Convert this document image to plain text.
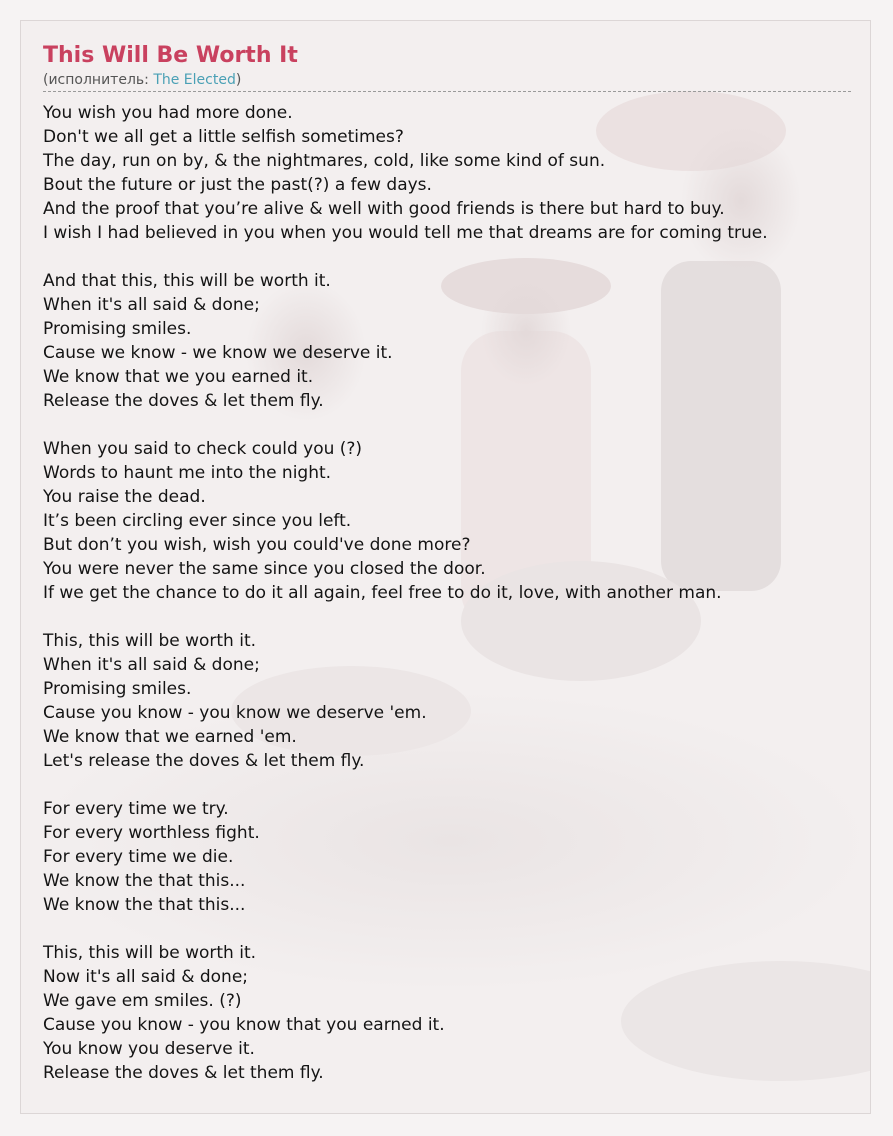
This Will Be Worth It
(исполнитель: The Elected)
You wish you had more done.
Don't we all get a little selfish sometimes?
The day, run on by, & the nightmares, cold, like some kind of sun.
Bout the future or just the past(?) a few days.
And the proof that you’re alive & well with good friends is there but hard to buy.
I wish I had believed in you when you would tell me that dreams are for coming true.
And that this, this will be worth it.
When it's all said & done;
Promising smiles.
Cause we know - we know we deserve it.
We know that we you earned it.
Release the doves & let them fly.
When you said to check could you (?)
Words to haunt me into the night.
You raise the dead.
It’s been circling ever since you left.
But don’t you wish, wish you could've done more?
You were never the same since you closed the door.
If we get the chance to do it all again, feel free to do it, love, with another man.
This, this will be worth it.
When it's all said & done;
Promising smiles.
Cause you know - you know we deserve 'em.
We know that we earned 'em.
Let's release the doves & let them fly.
For every time we try.
For every worthless fight.
For every time we die.
We know the that this...
We know the that this...
This, this will be worth it.
Now it's all said & done;
We gave em smiles. (?)
Cause you know - you know that you earned it.
You know you deserve it.
Release the doves & let them fly.
